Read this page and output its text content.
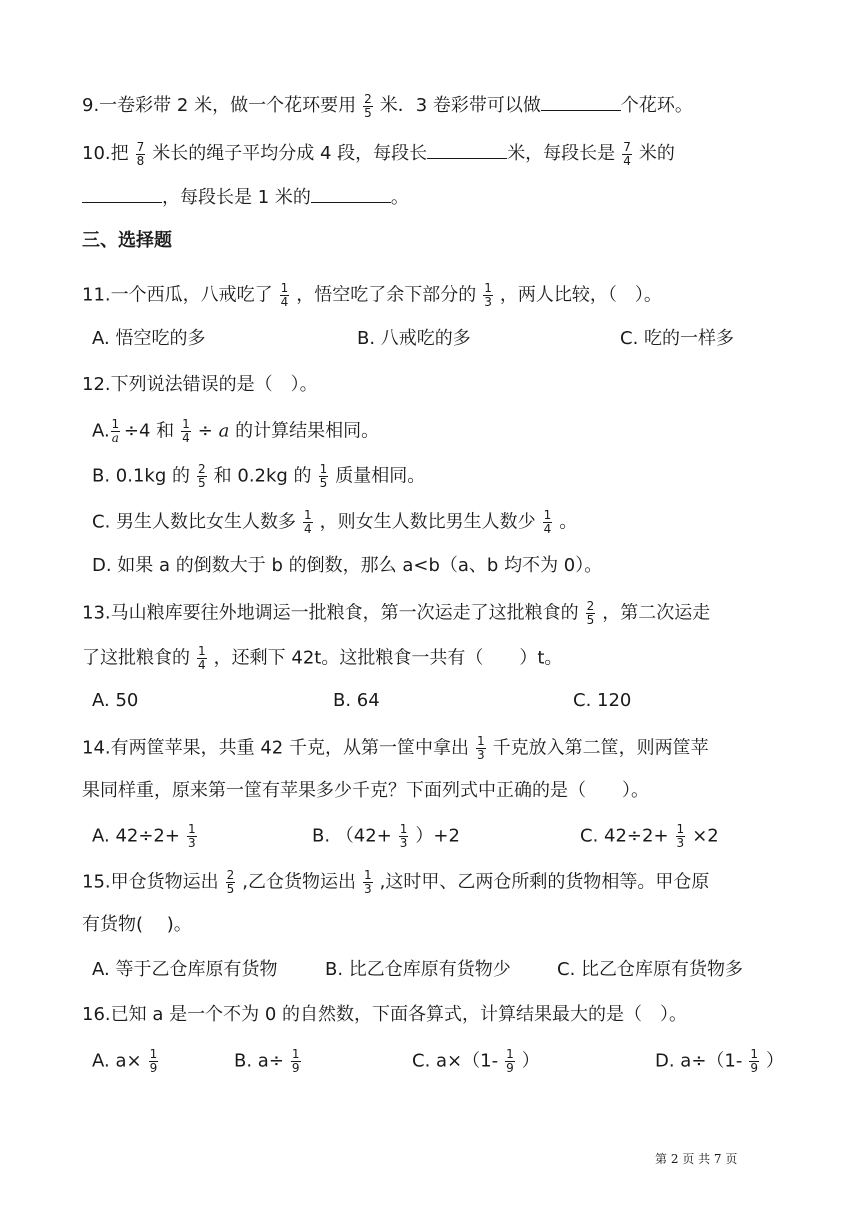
9.一卷彩带 2 米，做一个花环要用 $\frac{2}{5}$ 米．3 卷彩带可以做	个花环。
10.把 $\frac{7}{8}$ 米长的绳子平均分成 4 段，每段长	米，每段长是 $\frac{7}{4}$ 米的
，每段长是 1 米的	。
三、选择题
11.一个西瓜，八戒吃了 $\frac{1}{4}$ ，悟空吃了余下部分的 $\frac{1}{3}$ ，两人比较，（　）。
A. 悟空吃的多	B. 八戒吃的多	C. 吃的一样多
12.下列说法错误的是（　）。
A. $\frac{1}{a} \div 4$ 和 $\frac{1}{4} \div a$ 的计算结果相同。
B. 0.1kg 的 $\frac{2}{5}$ 和 0.2kg 的 $\frac{1}{5}$ 质量相同。
C. 男生人数比女生人数多 $\frac{1}{4}$ ，则女生人数比男生人数少 $\frac{1}{4}$ 。
D. 如果 a 的倒数大于 b 的倒数，那么 a<b（a、b 均不为 0）。
13.马山粮库要往外地调运一批粮食，第一次运走了这批粮食的 $\frac{2}{5}$ ，第二次运走
了这批粮食的 $\frac{1}{4}$ ，还剩下 42t。这批粮食一共有（　　）t。
A. 50	B. 64	C. 120
14.有两筐苹果，共重 42 千克，从第一筐中拿出 $\frac{1}{3}$ 千克放入第二筐，则两筐苹
果同样重，原来第一筐有苹果多少千克？下面列式中正确的是（　　）。
A. $42\div 2+ \frac{1}{3}$	B. $(42+ \frac{1}{3} )+2$	C. $42\div 2+ \frac{1}{3} \times 2$
15.甲仓货物运出 $\frac{2}{5}$ ,乙仓货物运出 $\frac{1}{3}$ ,这时甲、乙两仓所剩的货物相等。甲仓原
有货物(　 )。
A. 等于乙仓库原有货物	B. 比乙仓库原有货物少	C. 比乙仓库原有货物多
16.已知 a 是一个不为 0 的自然数，下面各算式，计算结果最大的是（　）。
A. $a\times \frac{1}{9}$	B. $a\div \frac{1}{9}$	C. $a\times(1- \frac{1}{9}$ ）	D. $a\div(1- \frac{1}{9}$ ）
第 2 页 共 7 页
